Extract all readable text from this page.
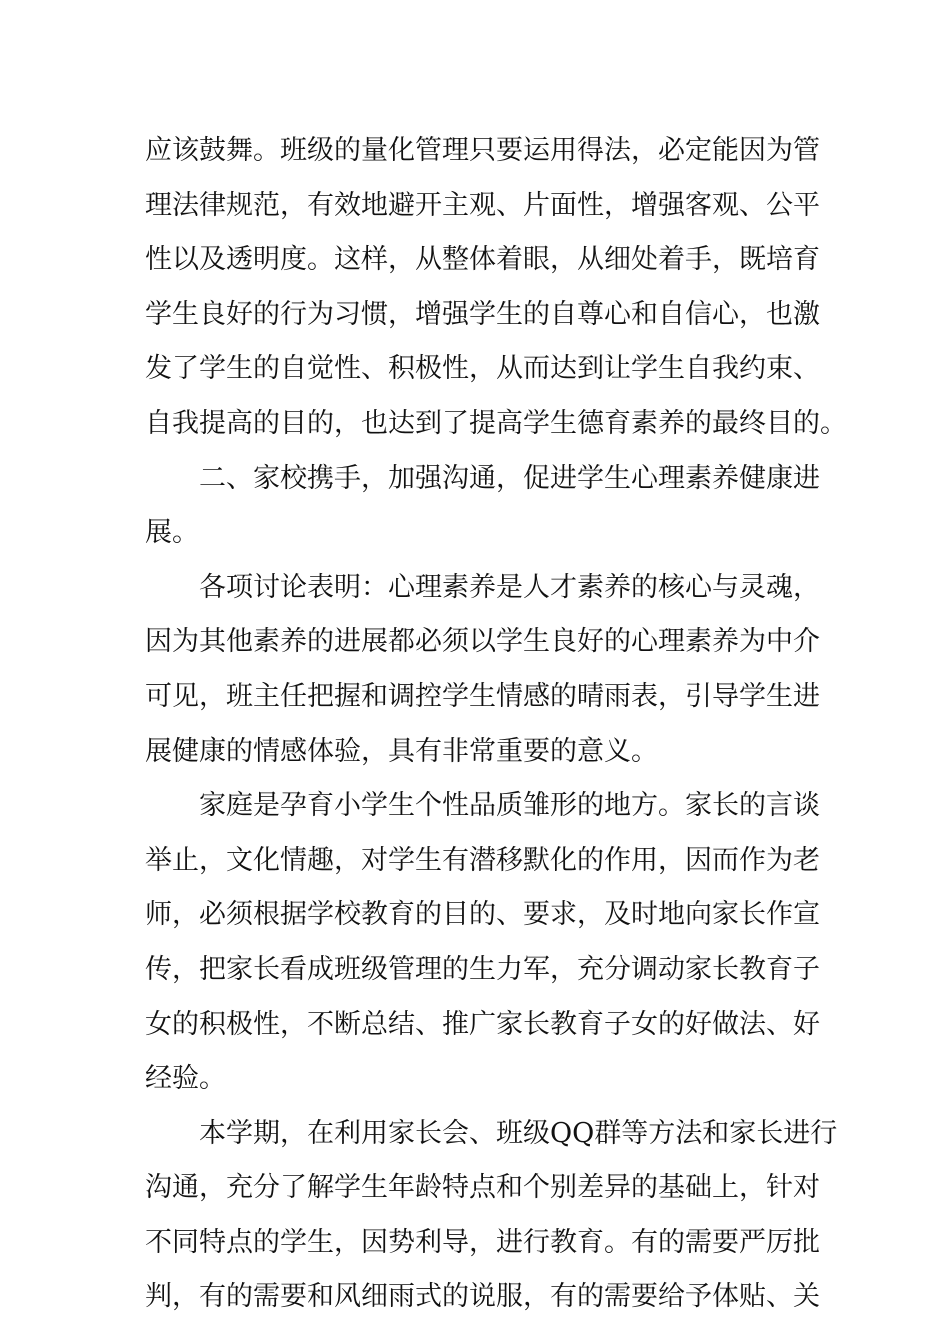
应该鼓舞。班级的量化管理只要运用得法，必定能因为管
理法律规范，有效地避开主观、片面性，增强客观、公平
性以及透明度。这样，从整体着眼，从细处着手，既培育
学生良好的行为习惯，增强学生的自尊心和自信心，也激
发了学生的自觉性、积极性，从而达到让学生自我约束、
自我提高的目的，也达到了提高学生德育素养的最终目的。
二、家校携手，加强沟通，促进学生心理素养健康进
展。
各项讨论表明：心理素养是人才素养的核心与灵魂，
因为其他素养的进展都必须以学生良好的心理素养为中介
可见，班主任把握和调控学生情感的晴雨表，引导学生进
展健康的情感体验，具有非常重要的意义。
家庭是孕育小学生个性品质雏形的地方。家长的言谈
举止，文化情趣，对学生有潜移默化的作用，因而作为老
师，必须根据学校教育的目的、要求，及时地向家长作宣
传，把家长看成班级管理的生力军，充分调动家长教育子
女的积极性，不断总结、推广家长教育子女的好做法、好
经验。
本学期，在利用家长会、班级QQ群等方法和家长进行
沟通，充分了解学生年龄特点和个别差异的基础上，针对
不同特点的学生，因势利导，进行教育。有的需要严厉批
判，有的需要和风细雨式的说服，有的需要给予体贴、关
